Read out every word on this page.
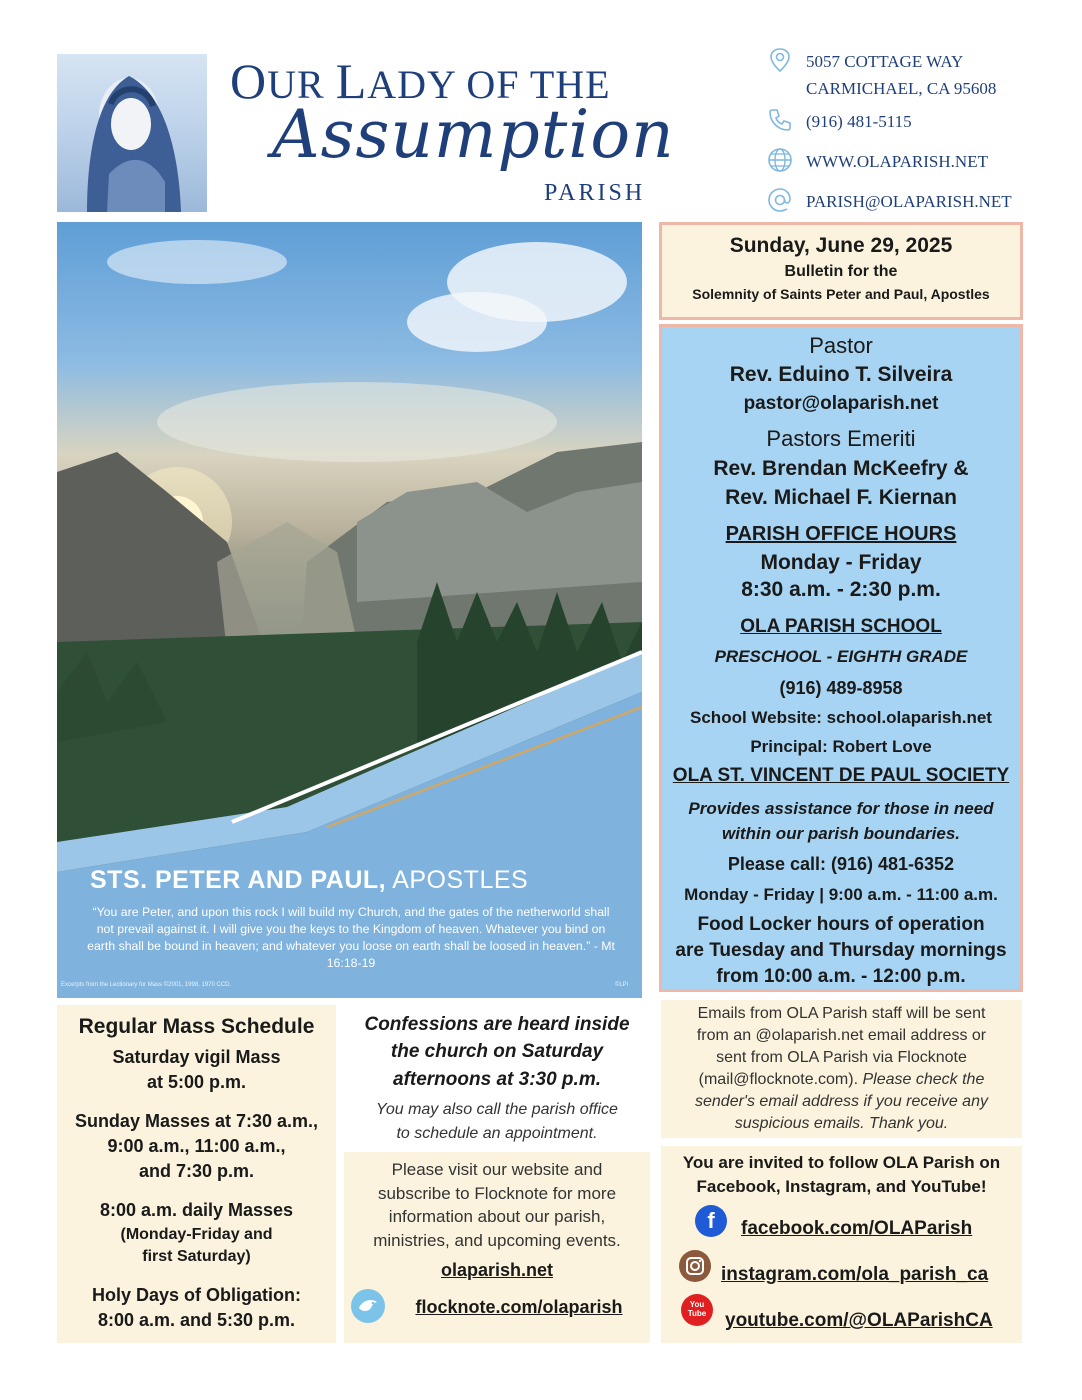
OUR LADY OF THE
Assumption
PARISH
5057 COTTAGE WAY
CARMICHAEL, CA 95608
(916) 481-5115
WWW.OLAPARISH.NET
PARISH@OLAPARISH.NET
STS. PETER AND PAUL, APOSTLES
“You are Peter, and upon this rock I will build my Church, and the gates of the netherworld shall not prevail against it. I will give you the keys to the Kingdom of heaven. Whatever you bind on earth shall be bound in heaven; and whatever you loose on earth shall be loosed in heaven.” - Mt 16:18-19
Excerpts from the Lectionary for Mass ©2001, 1998, 1970 CCD.	©LPi
Sunday, June 29, 2025
Bulletin for the
Solemnity of Saints Peter and Paul, Apostles
Pastor
Rev. Eduino T. Silveira
pastor@olaparish.net
Pastors Emeriti
Rev. Brendan McKeefry &
Rev. Michael F. Kiernan
PARISH OFFICE HOURS
Monday - Friday
8:30 a.m. - 2:30 p.m.
OLA PARISH SCHOOL
PRESCHOOL - EIGHTH GRADE
(916) 489-8958
School Website: school.olaparish.net
Principal: Robert Love
OLA ST. VINCENT DE PAUL SOCIETY
Provides assistance for those in need
within our parish boundaries.
Please call: (916) 481-6352
Monday - Friday | 9:00 a.m. - 11:00 a.m.
Food Locker hours of operation
are Tuesday and Thursday mornings
from 10:00 a.m. - 12:00 p.m.
Regular Mass Schedule
Saturday vigil Mass
at 5:00 p.m.
Sunday Masses at 7:30 a.m.,
9:00 a.m., 11:00 a.m.,
and 7:30 p.m.
8:00 a.m. daily Masses
(Monday-Friday and
first Saturday)
Holy Days of Obligation:
8:00 a.m. and 5:30 p.m.
Confessions are heard inside
the church on Saturday
afternoons at 3:30 p.m.
You may also call the parish office
to schedule an appointment.
Please visit our website and
subscribe to Flocknote for more
information about our parish,
ministries, and upcoming events.
olaparish.net
flocknote.com/olaparish
Emails from OLA Parish staff will be sent
from an @olaparish.net email address or
sent from OLA Parish via Flocknote
(mail@flocknote.com). Please check the
sender's email address if you receive any
suspicious emails. Thank you.
You are invited to follow OLA Parish on
Facebook, Instagram, and YouTube!
f	facebook.com/OLAParish
instagram.com/ola_parish_ca
You
Tube youtube.com/@OLAParishCA
